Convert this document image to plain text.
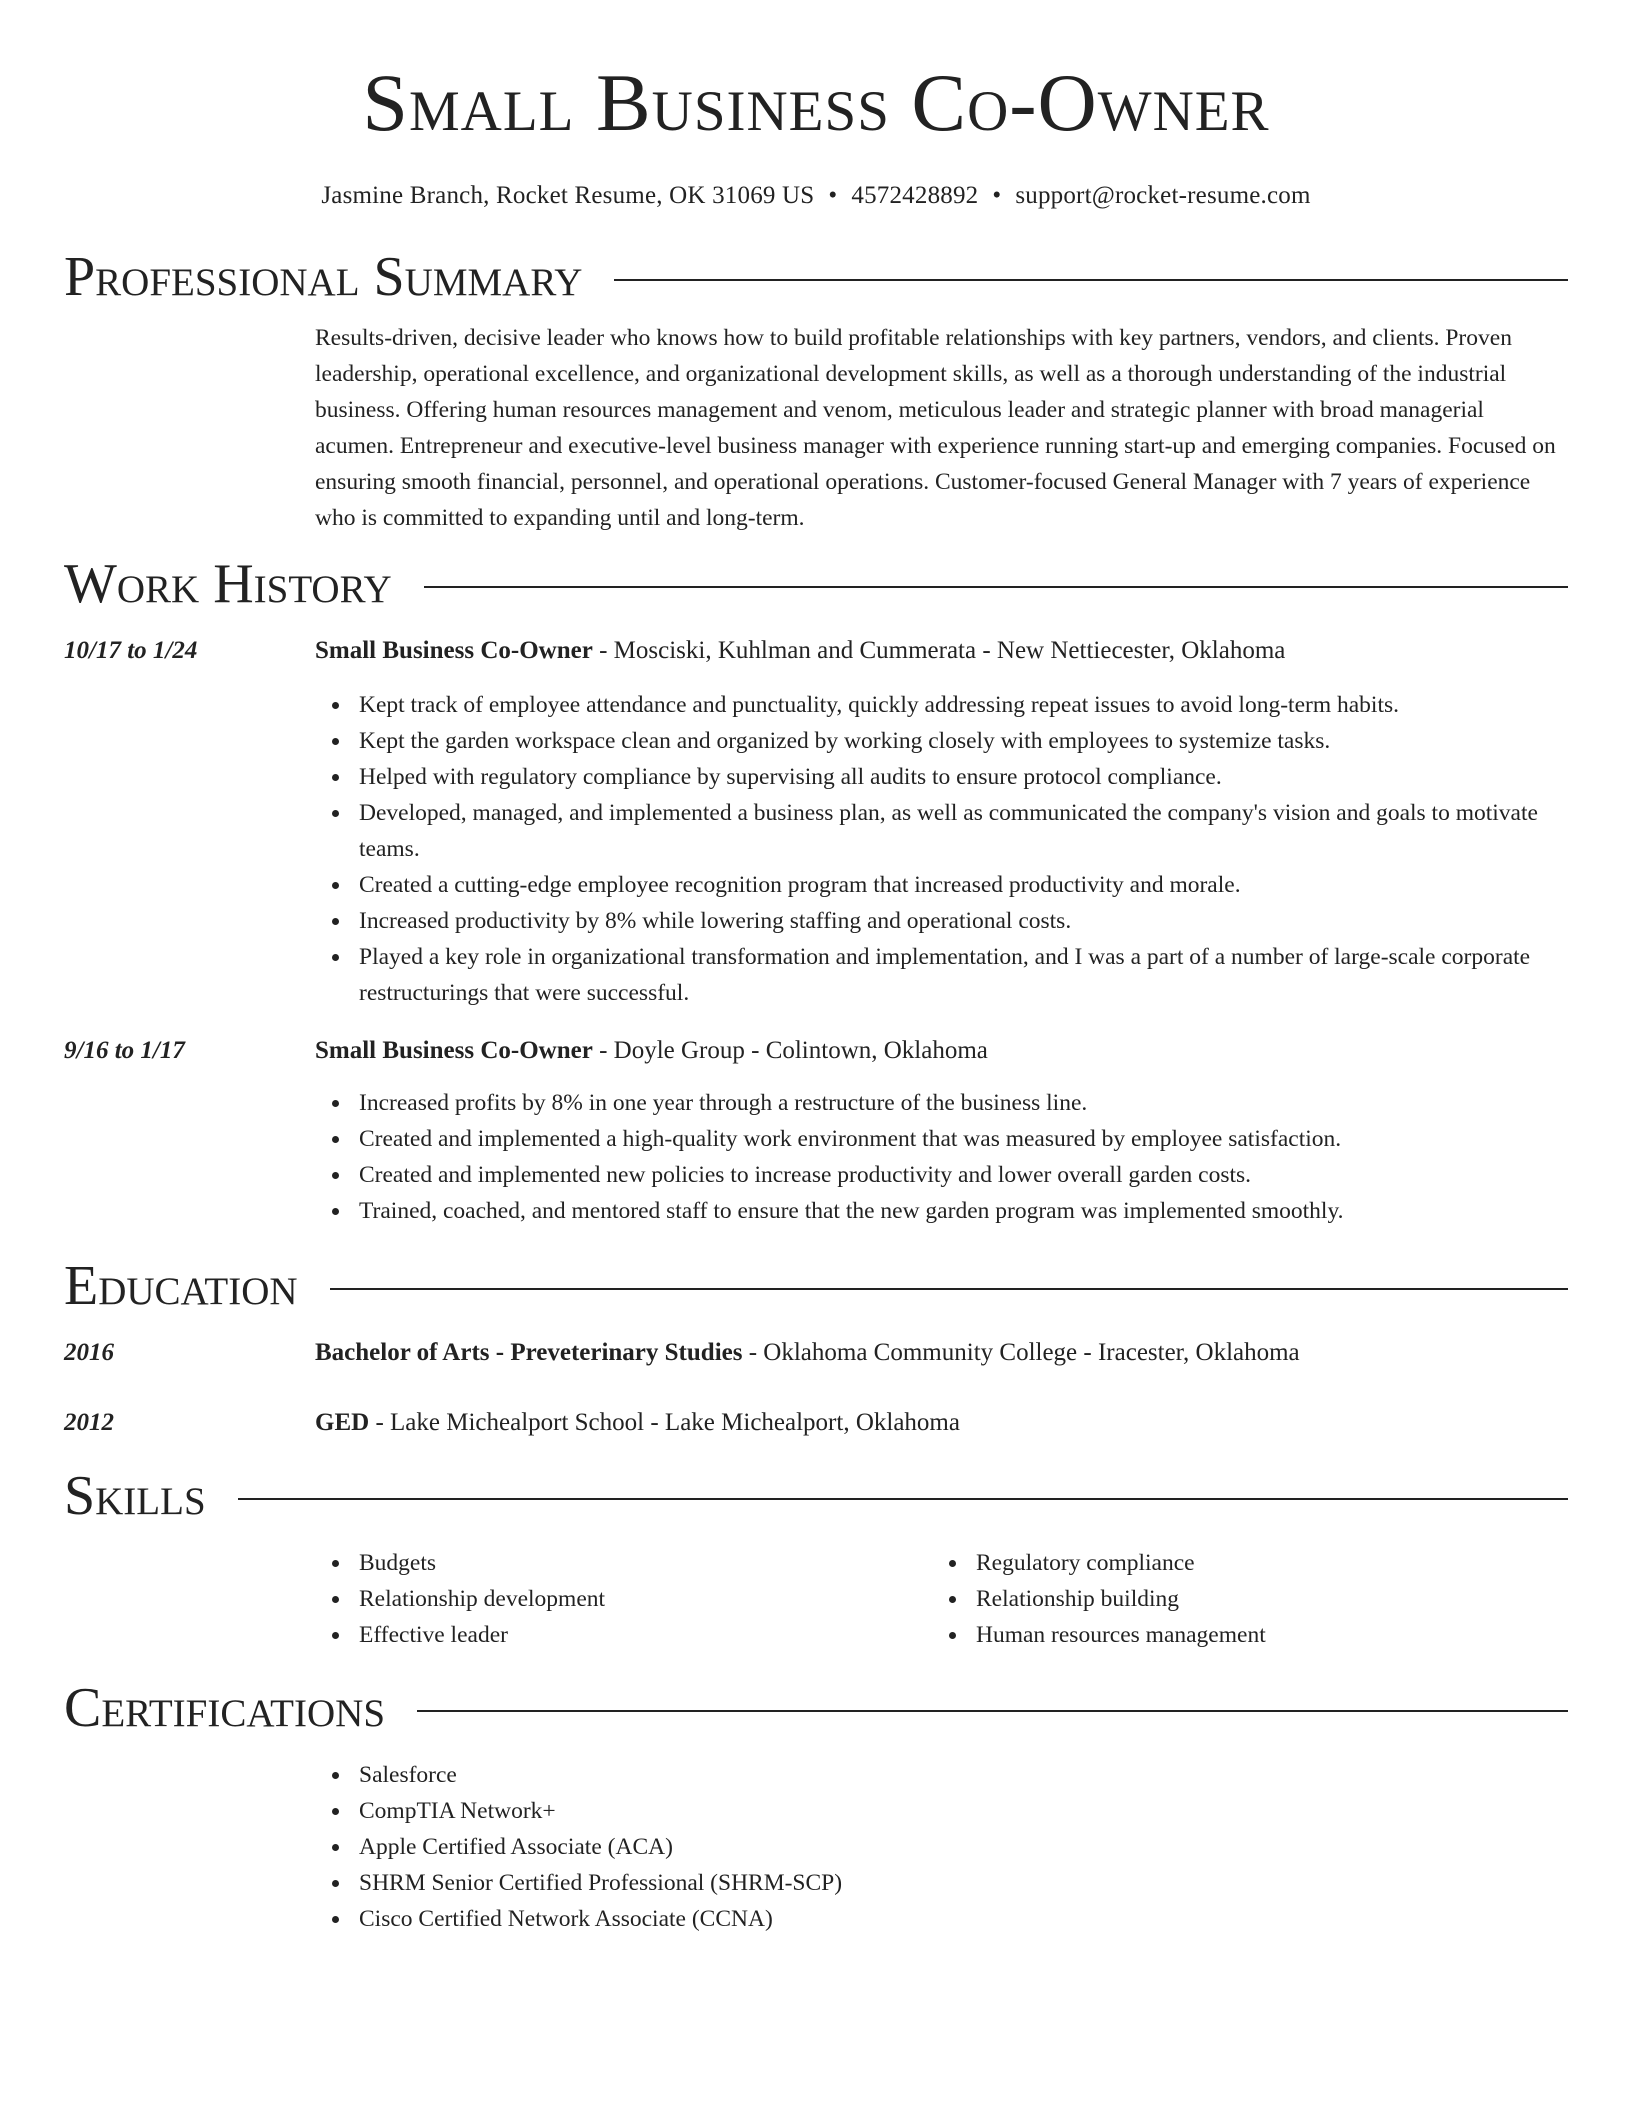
Small Business Co-Owner
Jasmine Branch, Rocket Resume, OK 31069 US • 4572428892 • support@rocket-resume.com
Professional Summary

Results-driven, decisive leader who knows how to build profitable relationships with key partners, vendors, and clients. Proven leadership, operational excellence, and organizational development skills, as well as a thorough understanding of the industrial business. Offering human resources management and venom, meticulous leader and strategic planner with broad managerial acumen. Entrepreneur and executive-level business manager with experience running start-up and emerging companies. Focused on ensuring smooth financial, personnel, and operational operations. Customer-focused General Manager with 7 years of experience who is committed to expanding until and long-term.

Work History
10/17 to 1/24	Small Business Co-Owner - Mosciski, Kuhlman and Cummerata - New Nettiecester, Oklahoma
Kept track of employee attendance and punctuality, quickly addressing repeat issues to avoid long-term habits.
Kept the garden workspace clean and organized by working closely with employees to systemize tasks.
Helped with regulatory compliance by supervising all audits to ensure protocol compliance.
Developed, managed, and implemented a business plan, as well as communicated the company's vision and goals to motivate teams.
Created a cutting-edge employee recognition program that increased productivity and morale.
Increased productivity by 8% while lowering staffing and operational costs.
Played a key role in organizational transformation and implementation, and I was a part of a number of large-scale corporate restructurings that were successful.
9/16 to 1/17	Small Business Co-Owner - Doyle Group - Colintown, Oklahoma
Increased profits by 8% in one year through a restructure of the business line.
Created and implemented a high-quality work environment that was measured by employee satisfaction.
Created and implemented new policies to increase productivity and lower overall garden costs.
Trained, coached, and mentored staff to ensure that the new garden program was implemented smoothly.
Education
2016	Bachelor of Arts - Preveterinary Studies - Oklahoma Community College - Iracester, Oklahoma
2012	GED - Lake Michealport School - Lake Michealport, Oklahoma
Skills
Budgets
Relationship development
Effective leader
Regulatory compliance
Relationship building
Human resources management
Certifications
Salesforce
CompTIA Network+
Apple Certified Associate (ACA)
SHRM Senior Certified Professional (SHRM-SCP)
Cisco Certified Network Associate (CCNA)
